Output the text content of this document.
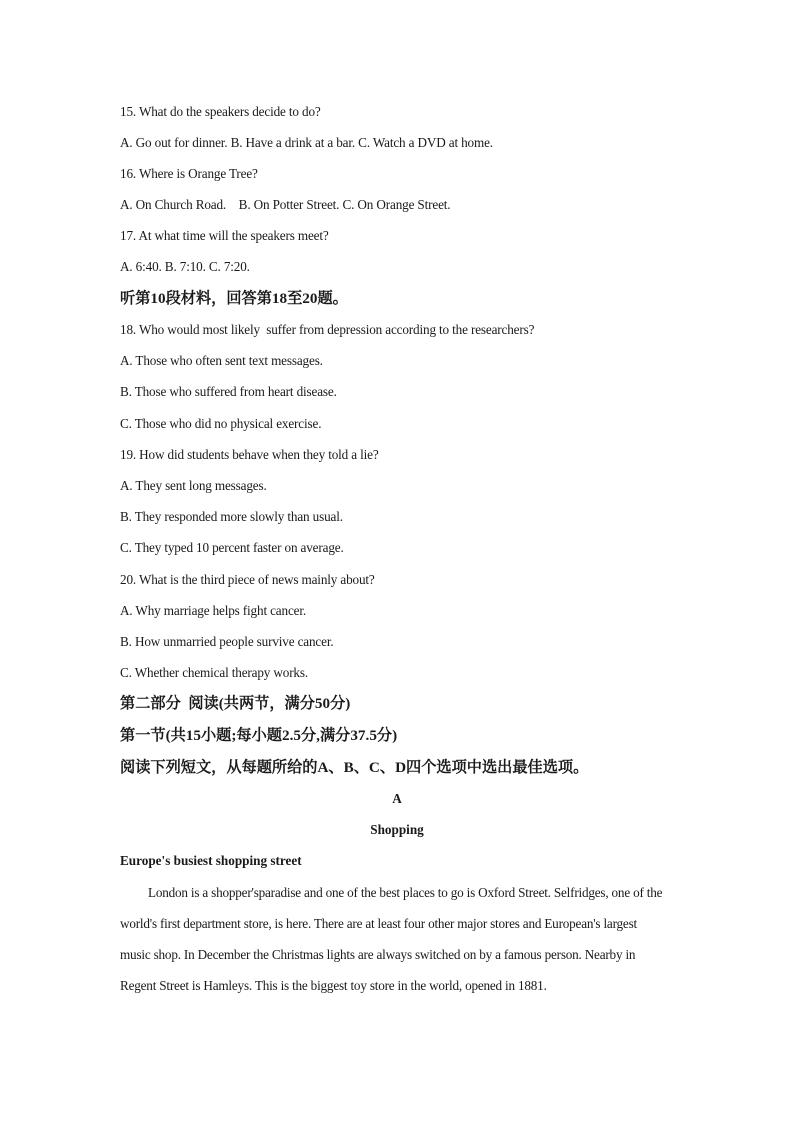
15. What do the speakers decide to do?
A. Go out for dinner. B. Have a drink at a bar. C. Watch a DVD at home.
16. Where is Orange Tree?
A. On Church Road.    B. On Potter Street. C. On Orange Street.
17. At what time will the speakers meet?
A. 6:40. B. 7:10. C. 7:20.
听第10段材料，回答第18至20题。
18. Who would most likely  suffer from depression according to the researchers?
A. Those who often sent text messages.
B. Those who suffered from heart disease.
C. Those who did no physical exercise.
19. How did students behave when they told a lie?
A. They sent long messages.
B. They responded more slowly than usual.
C. They typed 10 percent faster on average.
20. What is the third piece of news mainly about?
A. Why marriage helps fight cancer.
B. How unmarried people survive cancer.
C. Whether chemical therapy works.
第二部分  阅读(共两节，满分50分)
第一节(共15小题;每小题2.5分,满分37.5分)
阅读下列短文，从每题所给的A、B、C、D四个选项中选出最佳选项。
A
Shopping
Europe's busiest shopping street
London is a shopper'sparadise and one of the best places to go is Oxford Street. Selfridges, one of the world's first department store, is here. There are at least four other major stores and European's largest music shop. In December the Christmas lights are always switched on by a famous person. Nearby in Regent Street is Hamleys. This is the biggest toy store in the world, opened in 1881.
